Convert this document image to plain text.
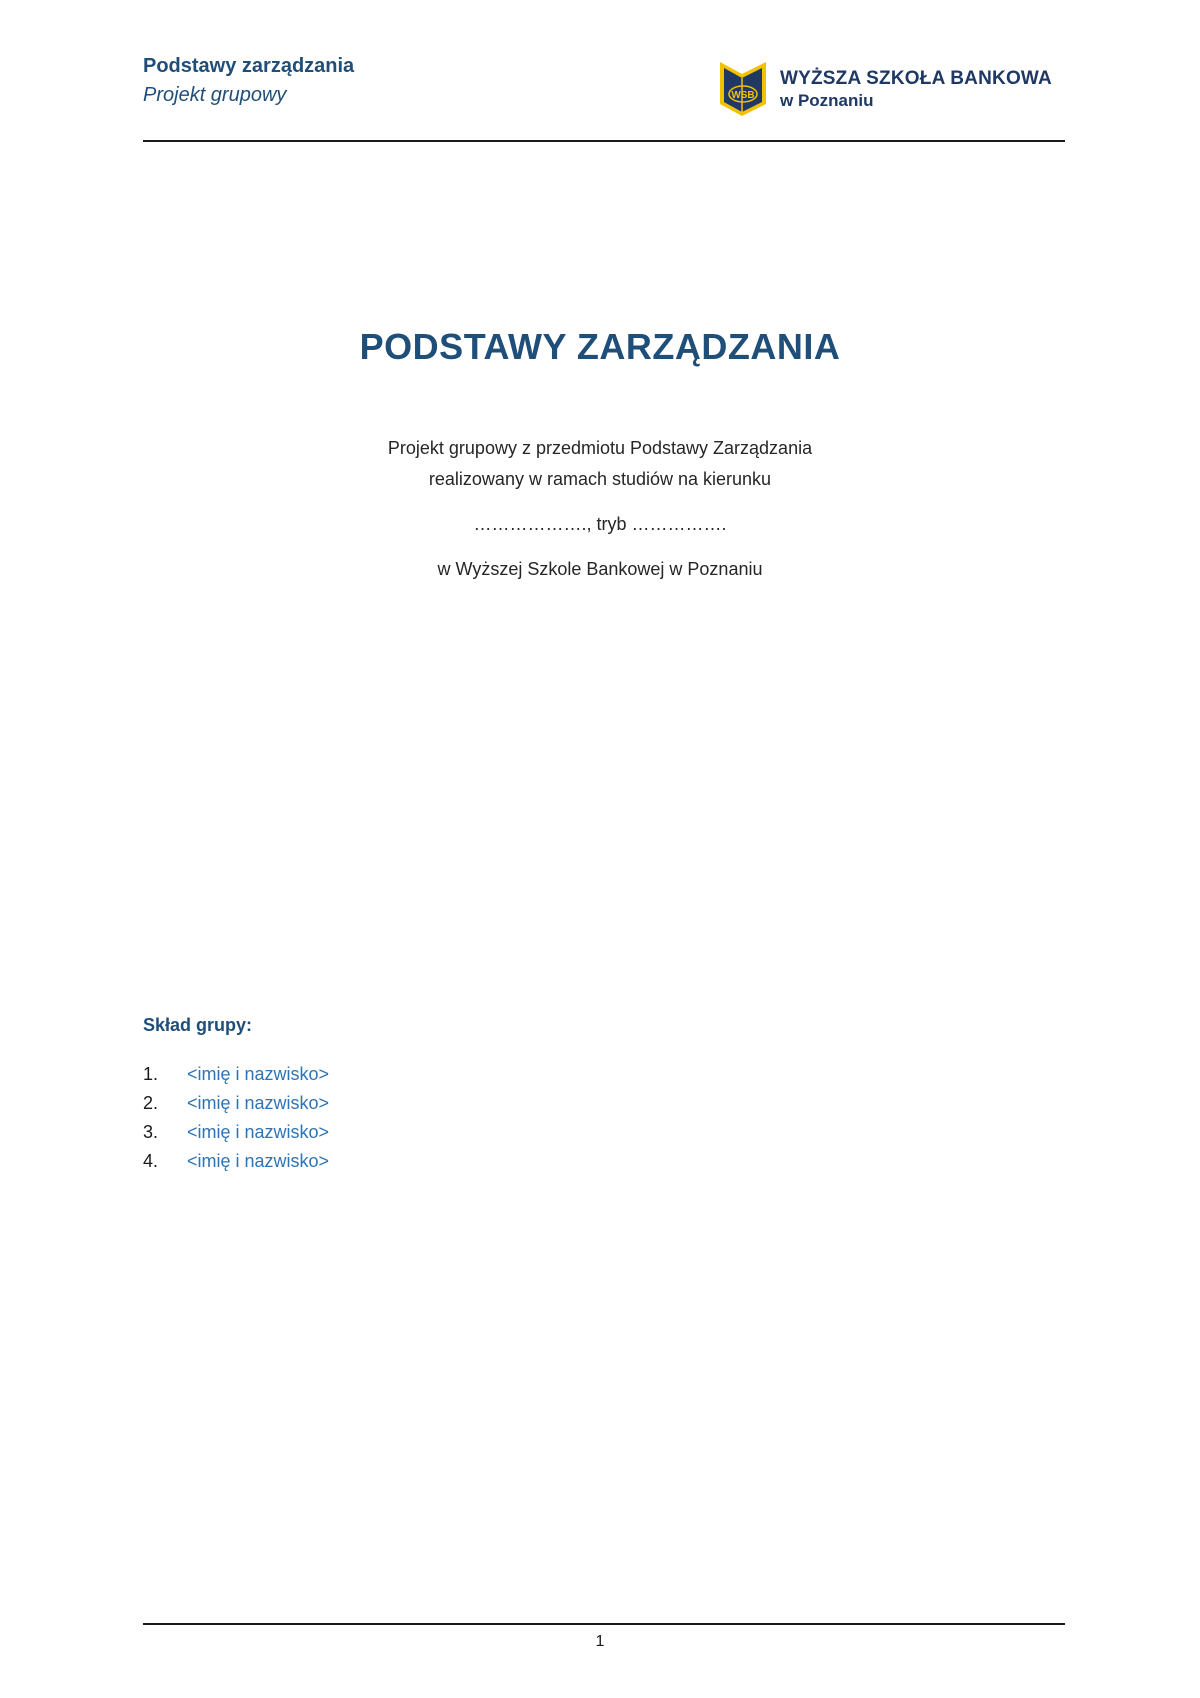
Podstawy zarządzania
Projekt grupowy	WSB
WYŻSZA SZKOŁA BANKOWA
w Poznaniu
PODSTAWY ZARZĄDZANIA
Projekt grupowy z przedmiotu Podstawy Zarządzania
realizowany w ramach studiów na kierunku
………………., tryb …………….
w Wyższej Szkole Bankowej w Poznaniu
Skład grupy:
1.	<imię i nazwisko>
2.	<imię i nazwisko>
3.	<imię i nazwisko>
4.	<imię i nazwisko>
1
